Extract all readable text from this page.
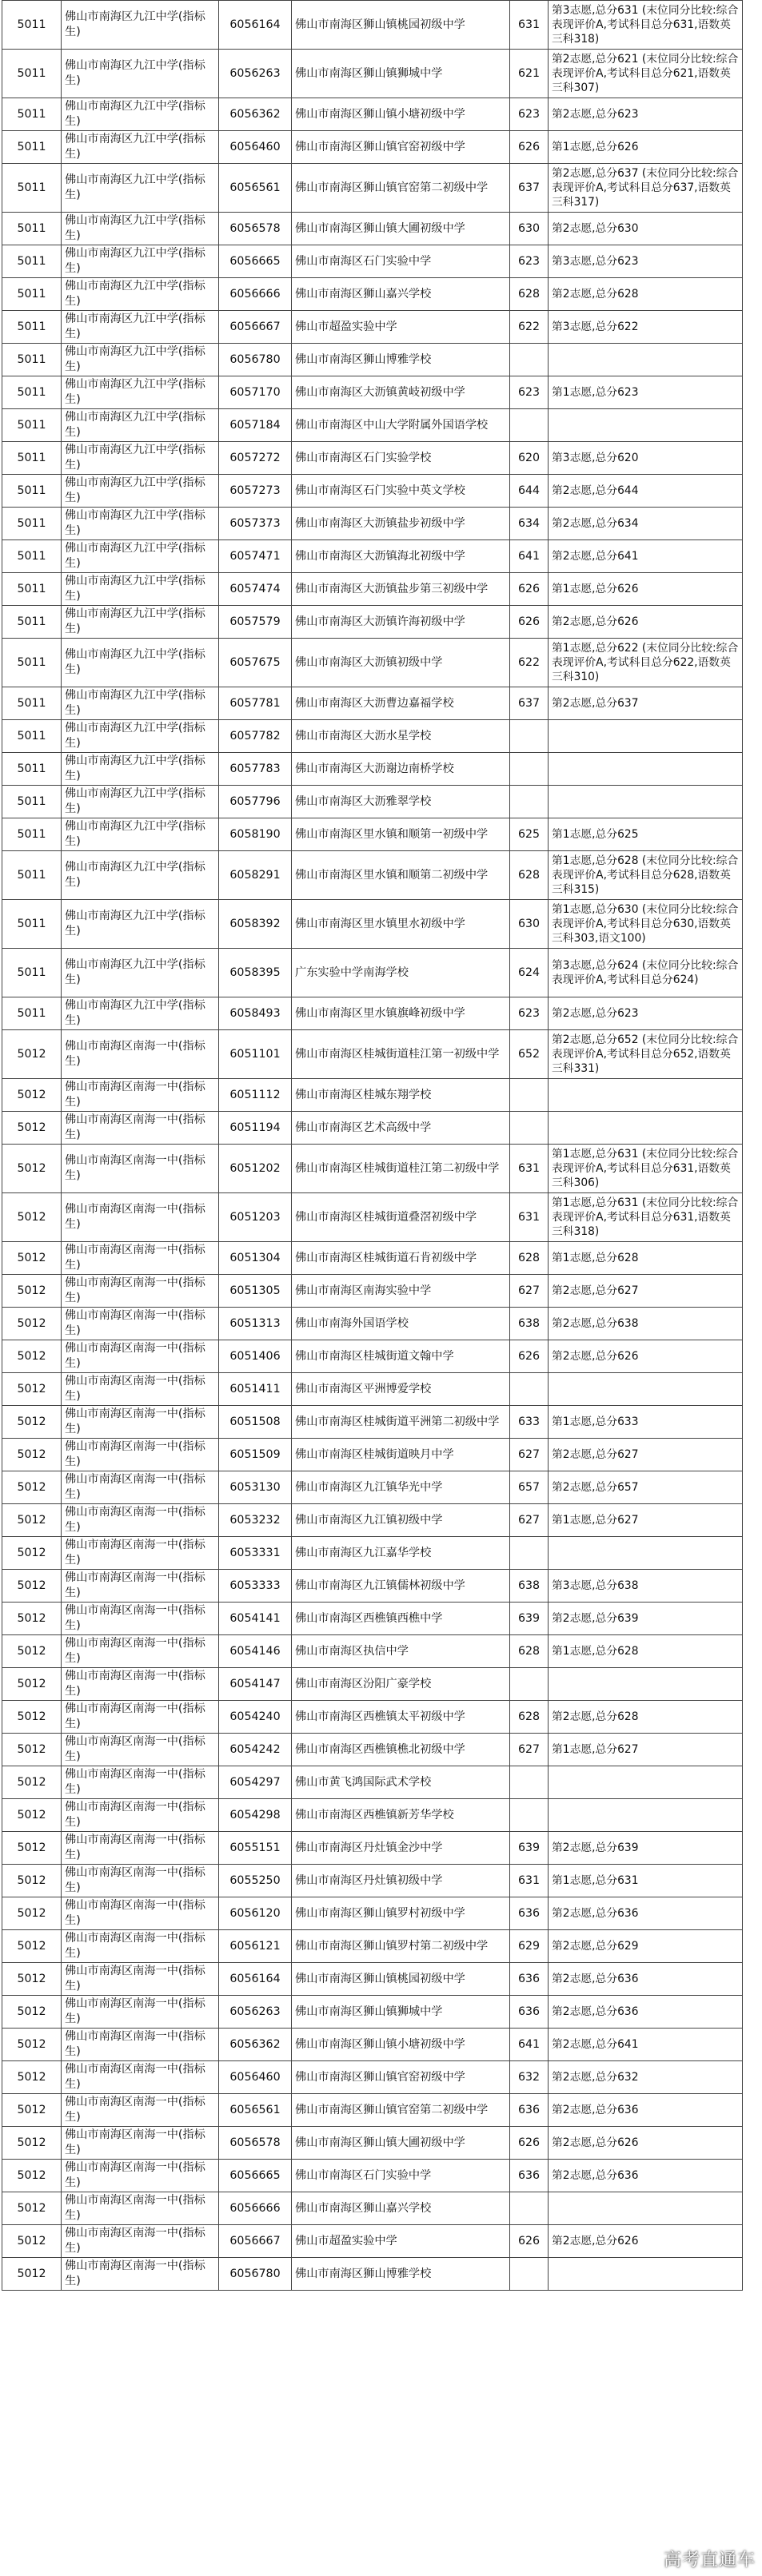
5011	佛山市南海区九江中学(指标生)	6056164	佛山市南海区狮山镇桃园初级中学	631	第3志愿,总分631 (末位同分比较:综合表现评价A,考试科目总分631,语数英三科318)
5011	佛山市南海区九江中学(指标生)	6056263	佛山市南海区狮山镇狮城中学	621	第2志愿,总分621 (末位同分比较:综合表现评价A,考试科目总分621,语数英三科307)
5011	佛山市南海区九江中学(指标生)	6056362	佛山市南海区狮山镇小塘初级中学	623	第2志愿,总分623
5011	佛山市南海区九江中学(指标生)	6056460	佛山市南海区狮山镇官窑初级中学	626	第1志愿,总分626
5011	佛山市南海区九江中学(指标生)	6056561	佛山市南海区狮山镇官窑第二初级中学	637	第2志愿,总分637 (末位同分比较:综合表现评价A,考试科目总分637,语数英三科317)
5011	佛山市南海区九江中学(指标生)	6056578	佛山市南海区狮山镇大圃初级中学	630	第2志愿,总分630
5011	佛山市南海区九江中学(指标生)	6056665	佛山市南海区石门实验中学	623	第3志愿,总分623
5011	佛山市南海区九江中学(指标生)	6056666	佛山市南海区狮山嘉兴学校	628	第2志愿,总分628
5011	佛山市南海区九江中学(指标生)	6056667	佛山市超盈实验中学	622	第3志愿,总分622
5011	佛山市南海区九江中学(指标生)	6056780	佛山市南海区狮山博雅学校		
5011	佛山市南海区九江中学(指标生)	6057170	佛山市南海区大沥镇黄岐初级中学	623	第1志愿,总分623
5011	佛山市南海区九江中学(指标生)	6057184	佛山市南海区中山大学附属外国语学校		
5011	佛山市南海区九江中学(指标生)	6057272	佛山市南海区石门实验学校	620	第3志愿,总分620
5011	佛山市南海区九江中学(指标生)	6057273	佛山市南海区石门实验中英文学校	644	第2志愿,总分644
5011	佛山市南海区九江中学(指标生)	6057373	佛山市南海区大沥镇盐步初级中学	634	第2志愿,总分634
5011	佛山市南海区九江中学(指标生)	6057471	佛山市南海区大沥镇海北初级中学	641	第2志愿,总分641
5011	佛山市南海区九江中学(指标生)	6057474	佛山市南海区大沥镇盐步第三初级中学	626	第1志愿,总分626
5011	佛山市南海区九江中学(指标生)	6057579	佛山市南海区大沥镇许海初级中学	626	第2志愿,总分626
5011	佛山市南海区九江中学(指标生)	6057675	佛山市南海区大沥镇初级中学	622	第1志愿,总分622 (末位同分比较:综合表现评价A,考试科目总分622,语数英三科310)
5011	佛山市南海区九江中学(指标生)	6057781	佛山市南海区大沥曹边嘉福学校	637	第2志愿,总分637
5011	佛山市南海区九江中学(指标生)	6057782	佛山市南海区大沥水星学校		
5011	佛山市南海区九江中学(指标生)	6057783	佛山市南海区大沥谢边南桥学校		
5011	佛山市南海区九江中学(指标生)	6057796	佛山市南海区大沥雅翠学校		
5011	佛山市南海区九江中学(指标生)	6058190	佛山市南海区里水镇和顺第一初级中学	625	第1志愿,总分625
5011	佛山市南海区九江中学(指标生)	6058291	佛山市南海区里水镇和顺第二初级中学	628	第1志愿,总分628 (末位同分比较:综合表现评价A,考试科目总分628,语数英三科315)
5011	佛山市南海区九江中学(指标生)	6058392	佛山市南海区里水镇里水初级中学	630	第1志愿,总分630 (末位同分比较:综合表现评价A,考试科目总分630,语数英三科303,语文100)
5011	佛山市南海区九江中学(指标生)	6058395	广东实验中学南海学校	624	第3志愿,总分624 (末位同分比较:综合表现评价A,考试科目总分624)
5011	佛山市南海区九江中学(指标生)	6058493	佛山市南海区里水镇旗峰初级中学	623	第2志愿,总分623
5012	佛山市南海区南海一中(指标生)	6051101	佛山市南海区桂城街道桂江第一初级中学	652	第2志愿,总分652 (末位同分比较:综合表现评价A,考试科目总分652,语数英三科331)
5012	佛山市南海区南海一中(指标生)	6051112	佛山市南海区桂城东翔学校		
5012	佛山市南海区南海一中(指标生)	6051194	佛山市南海区艺术高级中学		
5012	佛山市南海区南海一中(指标生)	6051202	佛山市南海区桂城街道桂江第二初级中学	631	第1志愿,总分631 (末位同分比较:综合表现评价A,考试科目总分631,语数英三科306)
5012	佛山市南海区南海一中(指标生)	6051203	佛山市南海区桂城街道叠滘初级中学	631	第1志愿,总分631 (末位同分比较:综合表现评价A,考试科目总分631,语数英三科318)
5012	佛山市南海区南海一中(指标生)	6051304	佛山市南海区桂城街道石肯初级中学	628	第1志愿,总分628
5012	佛山市南海区南海一中(指标生)	6051305	佛山市南海区南海实验中学	627	第2志愿,总分627
5012	佛山市南海区南海一中(指标生)	6051313	佛山市南海外国语学校	638	第2志愿,总分638
5012	佛山市南海区南海一中(指标生)	6051406	佛山市南海区桂城街道文翰中学	626	第2志愿,总分626
5012	佛山市南海区南海一中(指标生)	6051411	佛山市南海区平洲博爱学校		
5012	佛山市南海区南海一中(指标生)	6051508	佛山市南海区桂城街道平洲第二初级中学	633	第1志愿,总分633
5012	佛山市南海区南海一中(指标生)	6051509	佛山市南海区桂城街道映月中学	627	第2志愿,总分627
5012	佛山市南海区南海一中(指标生)	6053130	佛山市南海区九江镇华光中学	657	第2志愿,总分657
5012	佛山市南海区南海一中(指标生)	6053232	佛山市南海区九江镇初级中学	627	第1志愿,总分627
5012	佛山市南海区南海一中(指标生)	6053331	佛山市南海区九江嘉华学校		
5012	佛山市南海区南海一中(指标生)	6053333	佛山市南海区九江镇儒林初级中学	638	第3志愿,总分638
5012	佛山市南海区南海一中(指标生)	6054141	佛山市南海区西樵镇西樵中学	639	第2志愿,总分639
5012	佛山市南海区南海一中(指标生)	6054146	佛山市南海区执信中学	628	第1志愿,总分628
5012	佛山市南海区南海一中(指标生)	6054147	佛山市南海区汾阳广豪学校		
5012	佛山市南海区南海一中(指标生)	6054240	佛山市南海区西樵镇太平初级中学	628	第2志愿,总分628
5012	佛山市南海区南海一中(指标生)	6054242	佛山市南海区西樵镇樵北初级中学	627	第1志愿,总分627
5012	佛山市南海区南海一中(指标生)	6054297	佛山市黄飞鸿国际武术学校		
5012	佛山市南海区南海一中(指标生)	6054298	佛山市南海区西樵镇新芳华学校		
5012	佛山市南海区南海一中(指标生)	6055151	佛山市南海区丹灶镇金沙中学	639	第2志愿,总分639
5012	佛山市南海区南海一中(指标生)	6055250	佛山市南海区丹灶镇初级中学	631	第1志愿,总分631
5012	佛山市南海区南海一中(指标生)	6056120	佛山市南海区狮山镇罗村初级中学	636	第2志愿,总分636
5012	佛山市南海区南海一中(指标生)	6056121	佛山市南海区狮山镇罗村第二初级中学	629	第2志愿,总分629
5012	佛山市南海区南海一中(指标生)	6056164	佛山市南海区狮山镇桃园初级中学	636	第2志愿,总分636
5012	佛山市南海区南海一中(指标生)	6056263	佛山市南海区狮山镇狮城中学	636	第2志愿,总分636
5012	佛山市南海区南海一中(指标生)	6056362	佛山市南海区狮山镇小塘初级中学	641	第2志愿,总分641
5012	佛山市南海区南海一中(指标生)	6056460	佛山市南海区狮山镇官窑初级中学	632	第2志愿,总分632
5012	佛山市南海区南海一中(指标生)	6056561	佛山市南海区狮山镇官窑第二初级中学	636	第2志愿,总分636
5012	佛山市南海区南海一中(指标生)	6056578	佛山市南海区狮山镇大圃初级中学	626	第2志愿,总分626
5012	佛山市南海区南海一中(指标生)	6056665	佛山市南海区石门实验中学	636	第2志愿,总分636
5012	佛山市南海区南海一中(指标生)	6056666	佛山市南海区狮山嘉兴学校		
5012	佛山市南海区南海一中(指标生)	6056667	佛山市超盈实验中学	626	第2志愿,总分626
5012	佛山市南海区南海一中(指标生)	6056780	佛山市南海区狮山博雅学校		
高考直通车
